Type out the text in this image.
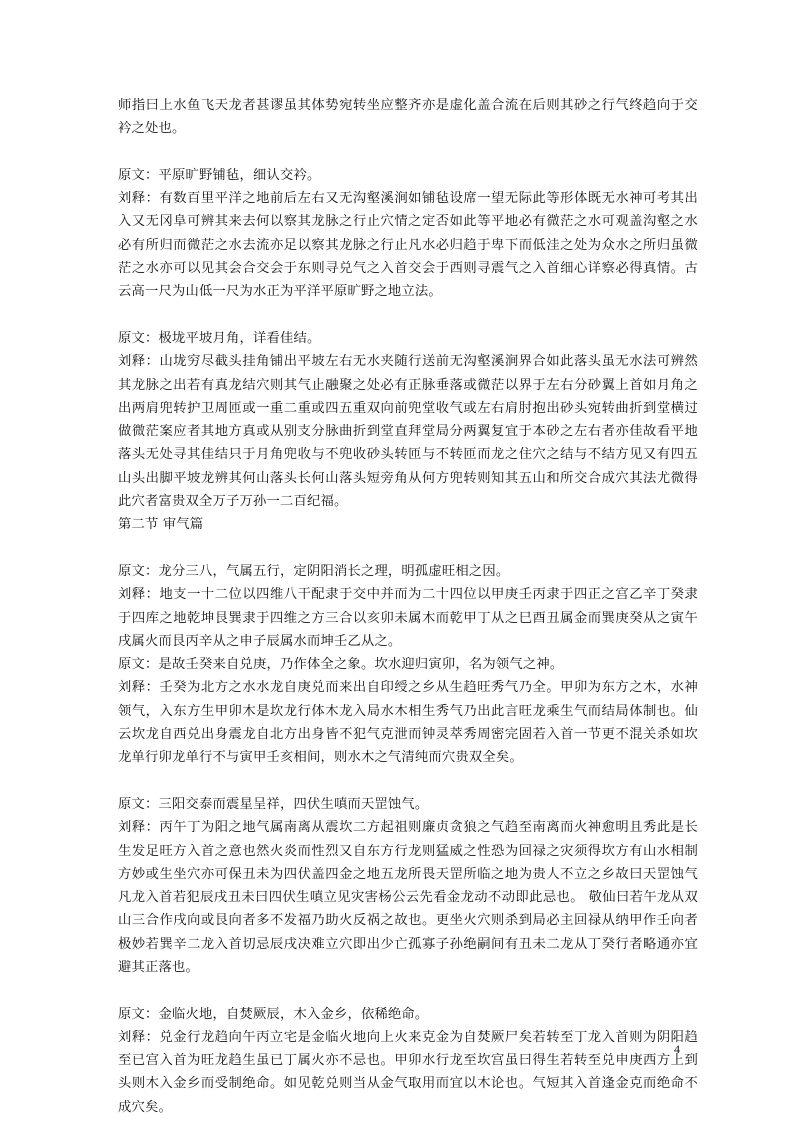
师指曰上水鱼飞天龙者甚谬虽其体势宛转坐应整齐亦是虚化盖合流在后则其砂之行气终趋向于交衿之处也。

原文：平原旷野铺毡，细认交衿。

刘释：有数百里平洋之地前后左右又无沟壑溪涧如铺毡设席一望无际此等形体既无水神可考其出入又无冈阜可辨其来去何以察其龙脉之行止穴情之定否如此等平地必有微茫之水可观盖沟壑之水必有所归而微茫之水去流亦足以察其龙脉之行止凡水必归趋于卑下而低洼之处为众水之所归虽微茫之水亦可以见其会合交会于东则寻兑气之入首交会于西则寻震气之入首细心详察必得真情。古云高一尺为山低一尺为水正为平洋平原旷野之地立法。

原文：极垅平坡月角，详看佳结。

刘释：山垅穷尽截头挂角铺出平坡左右无水夹随行送前无沟壑溪涧界合如此落头虽无水法可辨然其龙脉之出若有真龙结穴则其气止融聚之处必有正脉垂落或微茫以界于左右分砂翼上首如月角之出两肩兜转护卫周匝或一重二重或四五重双向前兜堂收气或左右肩肘抱出砂头宛转曲折到堂横过做微茫案应者其地方真或从别支分脉曲折到堂直拜堂局分两翼复宜于本砂之左右者亦佳故看平地落头无处寻其佳结只于月角兜收与不兜收砂头转匝与不转匝而龙之住穴之结与不结方见又有四五山头出脚平坡龙辨其何山落头长何山落头短旁角从何方兜转则知其五山和所交合成穴其法尤微得此穴者富贵双全万子万孙一二百纪福。

第二节 审气篇

原文：龙分三八，气属五行，定阴阳消长之理，明孤虚旺相之因。

刘释：地支一十二位以四维八干配隶于交中并而为二十四位以甲庚壬丙隶于四正之宫乙辛丁癸隶于四库之地乾坤艮巽隶于四维之方三合以亥卯未属木而乾甲丁从之巳酉丑属金而巽庚癸从之寅午戌属火而艮丙辛从之申子辰属水而坤壬乙从之。

原文：是故壬癸来自兑庚，乃作体全之象。坎水迎归寅卯，名为领气之神。

刘释：壬癸为北方之水水龙自庚兑而来出自印绶之乡从生趋旺秀气乃全。甲卯为东方之木，水神领气，入东方生甲卯木是坎龙行体木龙入局水木相生秀气乃出此言旺龙乘生气而结局体制也。仙云坎龙自西兑出身震龙自北方出身皆不犯气克泄而钟灵萃秀周密完固若入首一节更不混关杀如坎龙单行卯龙单行不与寅甲壬亥相间，则水木之气清纯而穴贵双全矣。

原文：三阳交泰而震星呈祥，四伏生嗔而天罡蚀气。

刘释：丙午丁为阳之地气属南离从震坎二方起祖则廉贞贪狼之气趋至南离而火神愈明且秀此是长生发足旺方入首之意也然火炎而性烈又自东方行龙则猛威之性恐为回禄之灾须得坎方有山水相制方妙或生坐穴亦可保丑未为四伏盖四金之地五龙所畏天罡所临之地为贵人不立之乡故曰天罡蚀气凡龙入首若犯辰戌丑未曰四伏生嗔立见灾害杨公云先看金龙动不动即此忌也。 敬仙曰若午龙从双山三合作戌向或艮向者多不发福乃助火反祸之故也。更坐火穴则杀到局必主回禄从纳甲作壬向者极妙若巽辛二龙入首切忌辰戌决难立穴即出少亡孤寡子孙绝嗣间有丑未二龙从丁癸行者略通亦宜避其正落也。

原文：金临火地，自焚厥辰，木入金乡，依稀绝命。

刘释：兑金行龙趋向午丙立宅是金临火地向上火来克金为自焚厥尸矣若转至丁龙入首则为阴阳趋至已宫入首为旺龙趋生虽已丁属火亦不忌也。甲卯水行龙至坎宫虽曰得生若转至兑申庚西方上到头则木入金乡而受制绝命。如见乾兑则当从金气取用而宜以木论也。气短其入首逢金克而绝命不成穴矣。

4
